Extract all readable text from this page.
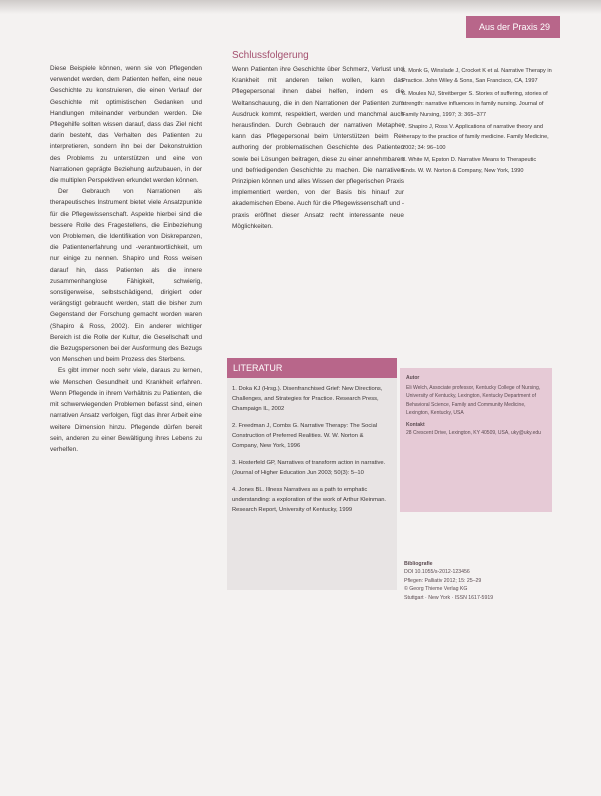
Aus der Praxis 29

Diese Beispiele können, wenn sie von Pflegenden verwendet werden, dem Patienten helfen, eine neue Geschichte zu konstruieren, die einen Verlauf der Geschichte mit optimistischen Gedanken und Handlungen miteinander verbunden werden. Die Pflegehilfe sollten wissen darauf, dass das Ziel nicht darin besteht, das Verhalten des Patienten zu interpretieren, sondern ihn bei der Dekonstruktion des Problems zu unterstützen und eine von Narrationen geprägte Beziehung aufzubauen, in der die multiplen Perspektiven erkundet werden können.

Der Gebrauch von Narrationen als therapeutisches Instrument bietet viele Ansatzpunkte für die Pflegewissenschaft. Aspekte hierbei sind die bessere Rolle des Fragestellens, die Einbeziehung von Problemen, die Identifikation von Diskrepanzen, die Patientenerfahrung und -verantwortlichkeit, um nur einige zu nennen. Shapiro und Ross weisen darauf hin, dass Patienten als die innere zusammenhanglose Fähigkeit, schwierig, sonstigerweise, selbstschädigend, dirigiert oder verängstigt gebraucht werden, statt die bisher zum Gegenstand der Forschung gemacht worden waren (Shapiro & Ross, 2002). Ein anderer wichtiger Bereich ist die Rolle der Kultur, die Gesellschaft und die Bezugspersonen bei der Ausformung des Bezugs von Menschen und beim Prozess des Sterbens.

Es gibt immer noch sehr viele, daraus zu lernen, wie Menschen Gesundheit und Krankheit erfahren. Wenn Pflegende in ihrem Verhältnis zu Patienten, die mit schwerwiegenden Problemen befasst sind, einen narrativen Ansatz verfolgen, fügt das ihrer Arbeit eine weitere Dimension hinzu. Pflegende dürfen bereit sein, anderen zu einer Bewältigung ihres Lebens zu verhelfen.

Schlussfolgerung

Wenn Patienten ihre Geschichte über Schmerz, Verlust und Krankheit mit anderen teilen wollen, kann das Pflegepersonal ihnen dabei helfen, indem es die Weltanschauung, die in den Narrationen der Patienten zum Ausdruck kommt, respektiert, werden und manchmal auch herausfinden. Durch Gebrauch der narrativen Metapher kann das Pflegepersonal beim Unterstützen beim Re-authoring der problematischen Geschichte des Patienten sowie bei Lösungen beitragen, diese zu einer annehmbaren und befriedigenden Geschichte zu machen. Die narrativen Prinzipien können und alles Wissen der pflegerischen Praxis implementiert werden, von der Basis bis hinauf zur akademischen Ebene. Auch für die Pflegewissenschaft und -praxis eröffnet dieser Ansatz recht interessante neue Möglichkeiten.

5. Monk G, Winslade J, Crocket K et al. Narrative Therapy in Practice. John Wiley & Sons, San Francisco, CA, 1997
6. Moules NJ, Streitberger S. Stories of suffering, stories of strength: narrative influences in family nursing. Journal of Family Nursing, 1997; 3: 365–377
7. Shapiro J, Ross V. Applications of narrative theory and therapy to the practice of family medicine. Family Medicine, 2002; 34: 96–100
8. White M, Epston D. Narrative Means to Therapeutic Ends. W. W. Norton & Company, New York, 1990
LITERATUR
1. Doka KJ (Hrsg.). Disenfranchised Grief: New Directions, Challenges, and Strategies for Practice. Research Press, Champaign IL, 2002
2. Freedman J, Combs G. Narrative Therapy: The Social Construction of Preferred Realities. W. W. Norton & Company, New York, 1996
3. Hosterfeld GP, Narratives of transform action in narrative. (Journal of Higher Education Jun 2003; 50(3): 5–10
4. Jones BL. Illness Narratives as a path to emphatic understanding: a exploration of the work of Arthur Kleinman. Research Report, University of Kentucky, 1999
Autor
Eli Welch, Associate professor, Kentucky College of Nursing, University of Kentucky, Lexington, Kentucky Department of Behavioral Science, Family and Community Medicine, Lexington, Kentucky, USA
Kontakt
28 Crescent Drive, Lexington, KY 40509, USA, uky@uky.edu
Bibliografie
DOI 10.1055/s-2012-123456
Pflegen: Palliativ 2012; 15: 25–29
© Georg Thieme Verlag KG
Stuttgart · New York · ISSN 1617-5919
